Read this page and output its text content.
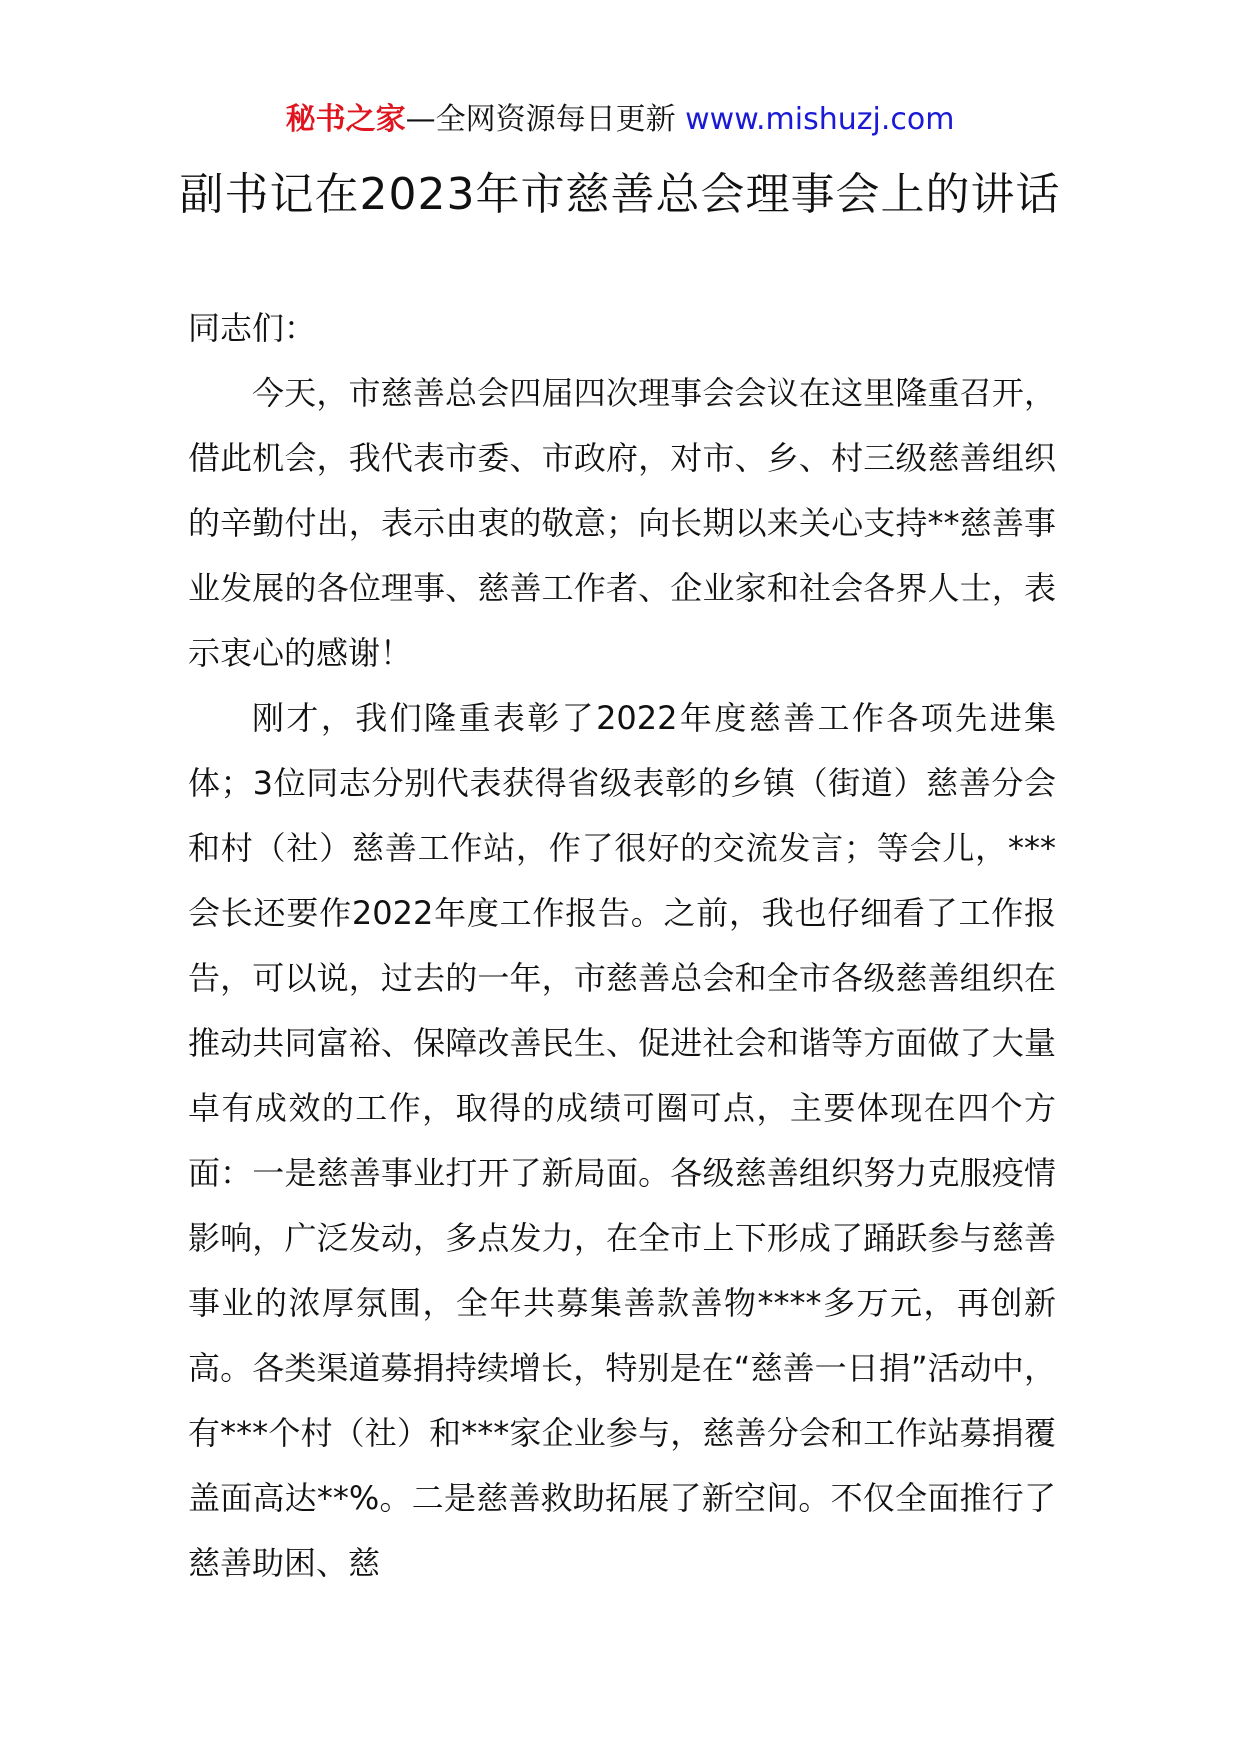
秘书之家—全网资源每日更新 www.mishuzj.com
副书记在2023年市慈善总会理事会上的讲话

同志们：

今天，市慈善总会四届四次理事会会议在这里隆重召开，借此机会，我代表市委、市政府，对市、乡、村三级慈善组织的辛勤付出，表示由衷的敬意；向长期以来关心支持**慈善事业发展的各位理事、慈善工作者、企业家和社会各界人士，表示衷心的感谢！

刚才，我们隆重表彰了2022年度慈善工作各项先进集体；3位同志分别代表获得省级表彰的乡镇（街道）慈善分会和村（社）慈善工作站，作了很好的交流发言；等会儿，***会长还要作2022年度工作报告。之前，我也仔细看了工作报告，可以说，过去的一年，市慈善总会和全市各级慈善组织在推动共同富裕、保障改善民生、促进社会和谐等方面做了大量卓有成效的工作，取得的成绩可圈可点，主要体现在四个方面：一是慈善事业打开了新局面。各级慈善组织努力克服疫情影响，广泛发动，多点发力，在全市上下形成了踊跃参与慈善事业的浓厚氛围，全年共募集善款善物****多万元，再创新高。各类渠道募捐持续增长，特别是在“慈善一日捐”活动中，有***个村（社）和***家企业参与，慈善分会和工作站募捐覆盖面高达**%。二是慈善救助拓展了新空间。不仅全面推行了慈善助困、慈
